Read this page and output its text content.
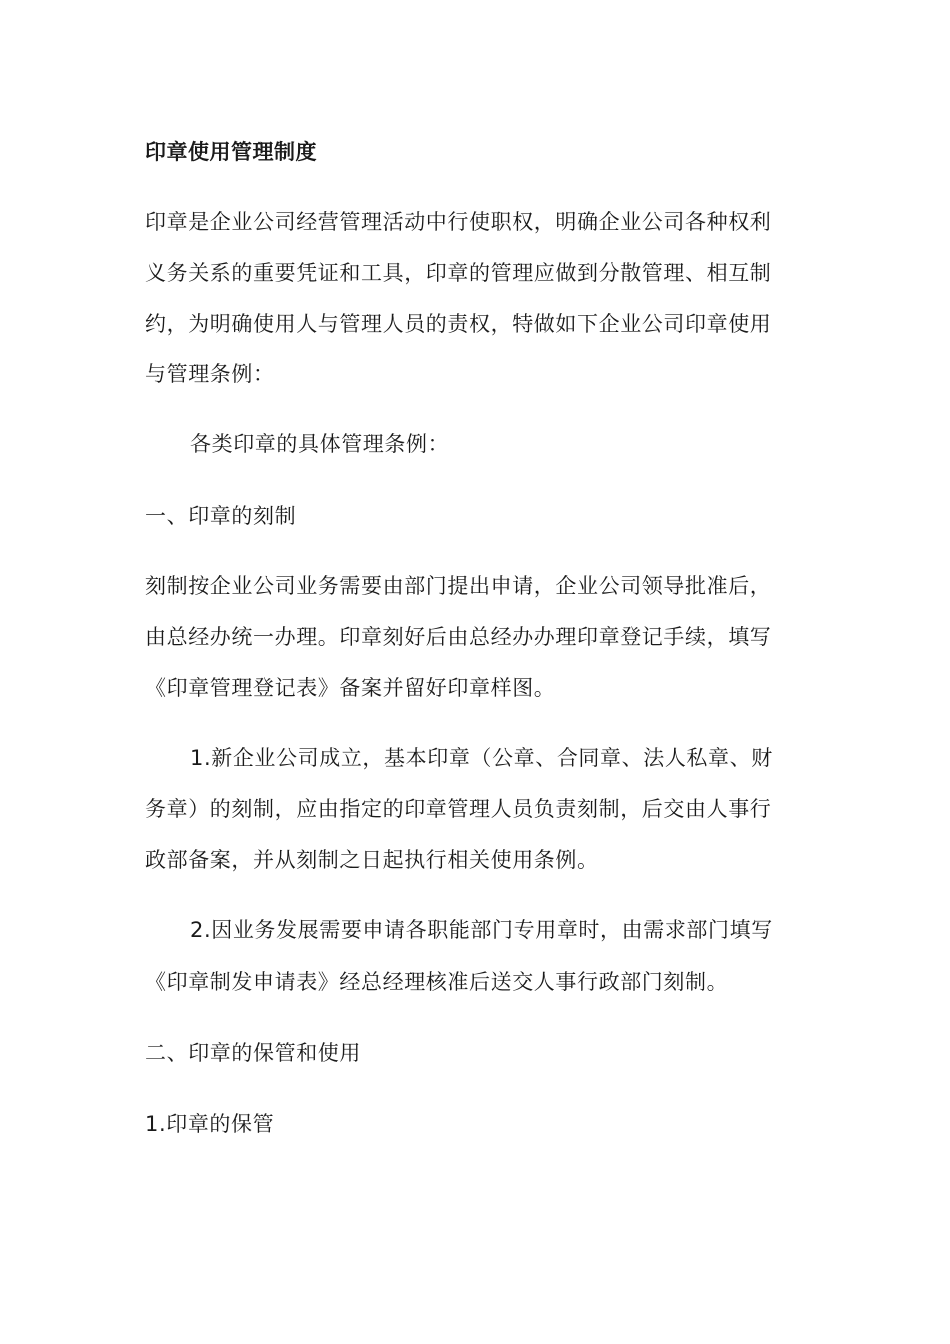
印章使用管理制度
印章是企业公司经营管理活动中行使职权，明确企业公司各种权利
义务关系的重要凭证和工具，印章的管理应做到分散管理、相互制
约，为明确使用人与管理人员的责权，特做如下企业公司印章使用
与管理条例：
各类印章的具体管理条例：
一、印章的刻制
刻制按企业公司业务需要由部门提出申请，企业公司领导批准后，
由总经办统一办理。印章刻好后由总经办办理印章登记手续，填写
《印章管理登记表》备案并留好印章样图。
1.新企业公司成立，基本印章（公章、合同章、法人私章、财
务章）的刻制，应由指定的印章管理人员负责刻制，后交由人事行
政部备案，并从刻制之日起执行相关使用条例。
2.因业务发展需要申请各职能部门专用章时，由需求部门填写
《印章制发申请表》经总经理核准后送交人事行政部门刻制。
二、印章的保管和使用
1.印章的保管
